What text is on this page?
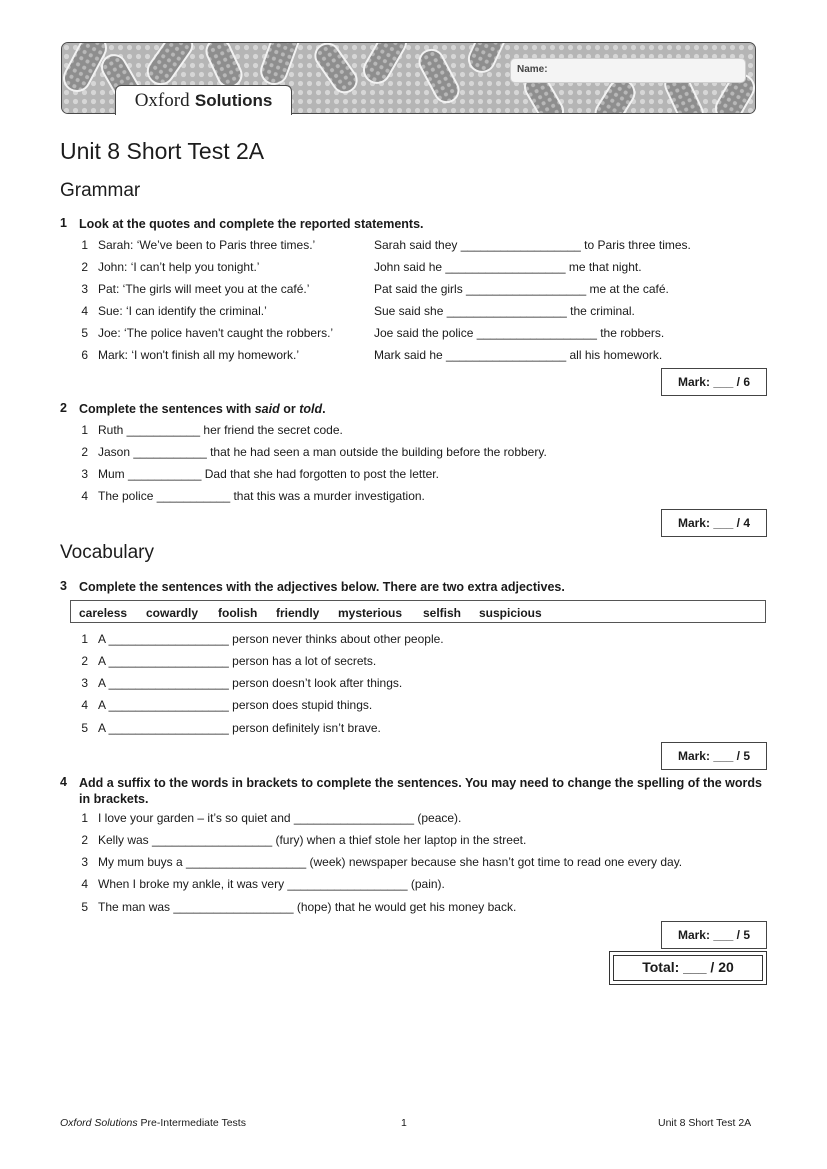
Name:
Oxford Solutions
Unit 8 Short Test 2A
Grammar
1 Look at the quotes and complete the reported statements.
1 Sarah: ‘We’ve been to Paris three times.’	Sarah said they __________________ to Paris three times.
2 John: ‘I can’t help you tonight.’	John said he __________________ me that night.
3 Pat: ‘The girls will meet you at the café.’	Pat said the girls __________________ me at the café.
4 Sue: ‘I can identify the criminal.’	Sue said she __________________ the criminal.
5 Joe: ‘The police haven't caught the robbers.’	Joe said the police __________________ the robbers.
6 Mark: ‘I won't finish all my homework.’	Mark said he __________________ all his homework.
Mark: ___ / 6
2 Complete the sentences with said or told.
1 Ruth ___________ her friend the secret code.
2 Jason ___________ that he had seen a man outside the building before the robbery.
3 Mum ___________ Dad that she had forgotten to post the letter.
4 The police ___________ that this was a murder investigation.
Mark: ___ / 4
Vocabulary
3 Complete the sentences with the adjectives below. There are two extra adjectives.
careless cowardly foolish friendly mysterious selfish suspicious
1 A __________________ person never thinks about other people.
2 A __________________ person has a lot of secrets.
3 A __________________ person doesn’t look after things.
4 A __________________ person does stupid things.
5 A __________________ person definitely isn’t brave.
Mark: ___ / 5
4 Add a suffix to the words in brackets to complete the sentences. You may need to change the spelling of the words in brackets.
1 I love your garden – it’s so quiet and __________________ (peace).
2 Kelly was __________________ (fury) when a thief stole her laptop in the street.
3 My mum buys a __________________ (week) newspaper because she hasn’t got time to read one every day.
4 When I broke my ankle, it was very __________________ (pain).
5 The man was __________________ (hope) that he would get his money back.
Mark: ___ / 5
Total: ___ / 20
Oxford Solutions Pre-Intermediate Tests	1	Unit 8 Short Test 2A
